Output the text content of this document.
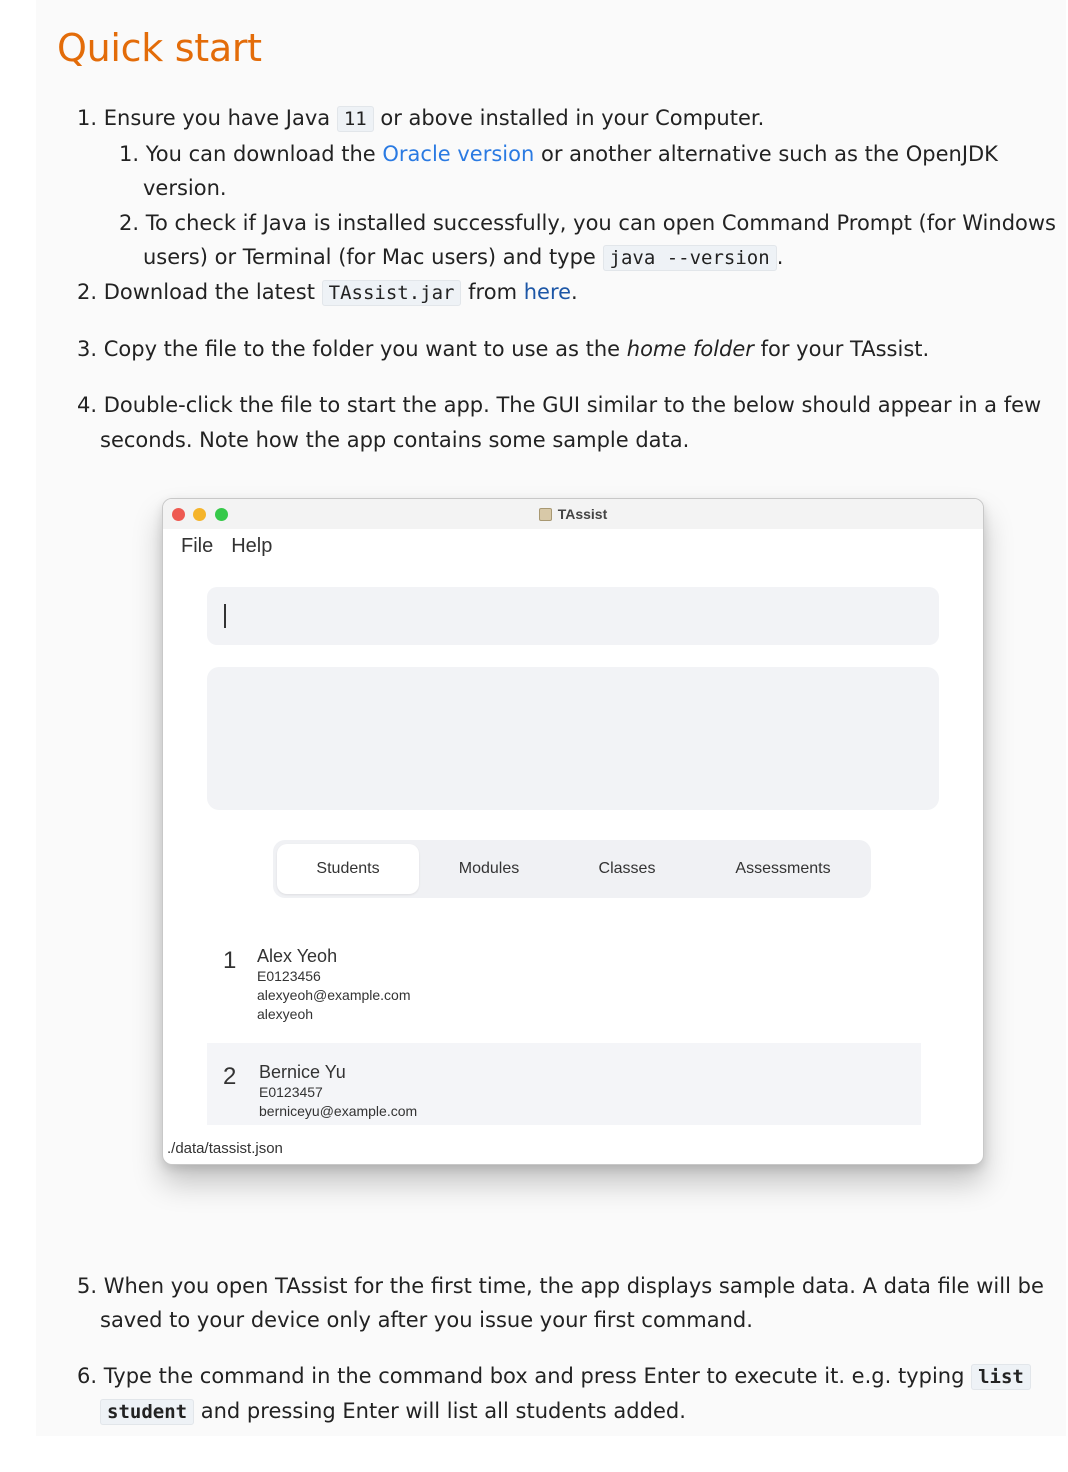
Quick start
1. Ensure you have Java 11 or above installed in your Computer.
1. You can download the Oracle version or another alternative such as the OpenJDK
version.
2. To check if Java is installed successfully, you can open Command Prompt (for Windows
users) or Terminal (for Mac users) and type java --version .
2. Download the latest TAssist.jar from here.
3. Copy the file to the folder you want to use as the home folder for your TAssist.
4. Double-click the file to start the app. The GUI similar to the below should appear in a few
seconds. Note how the app contains some sample data.
TAssist
File Help
Students	Modules	Classes	Assessments
1 Alex Yeoh
E0123456
alexyeoh@example.com
alexyeoh
2 Bernice Yu
E0123457
berniceyu@example.com
./data/tassist.json
5. When you open TAssist for the first time, the app displays sample data. A data file will be
saved to your device only after you issue your first command.
6. Type the command in the command box and press Enter to execute it. e.g. typing list
student and pressing Enter will list all students added.
